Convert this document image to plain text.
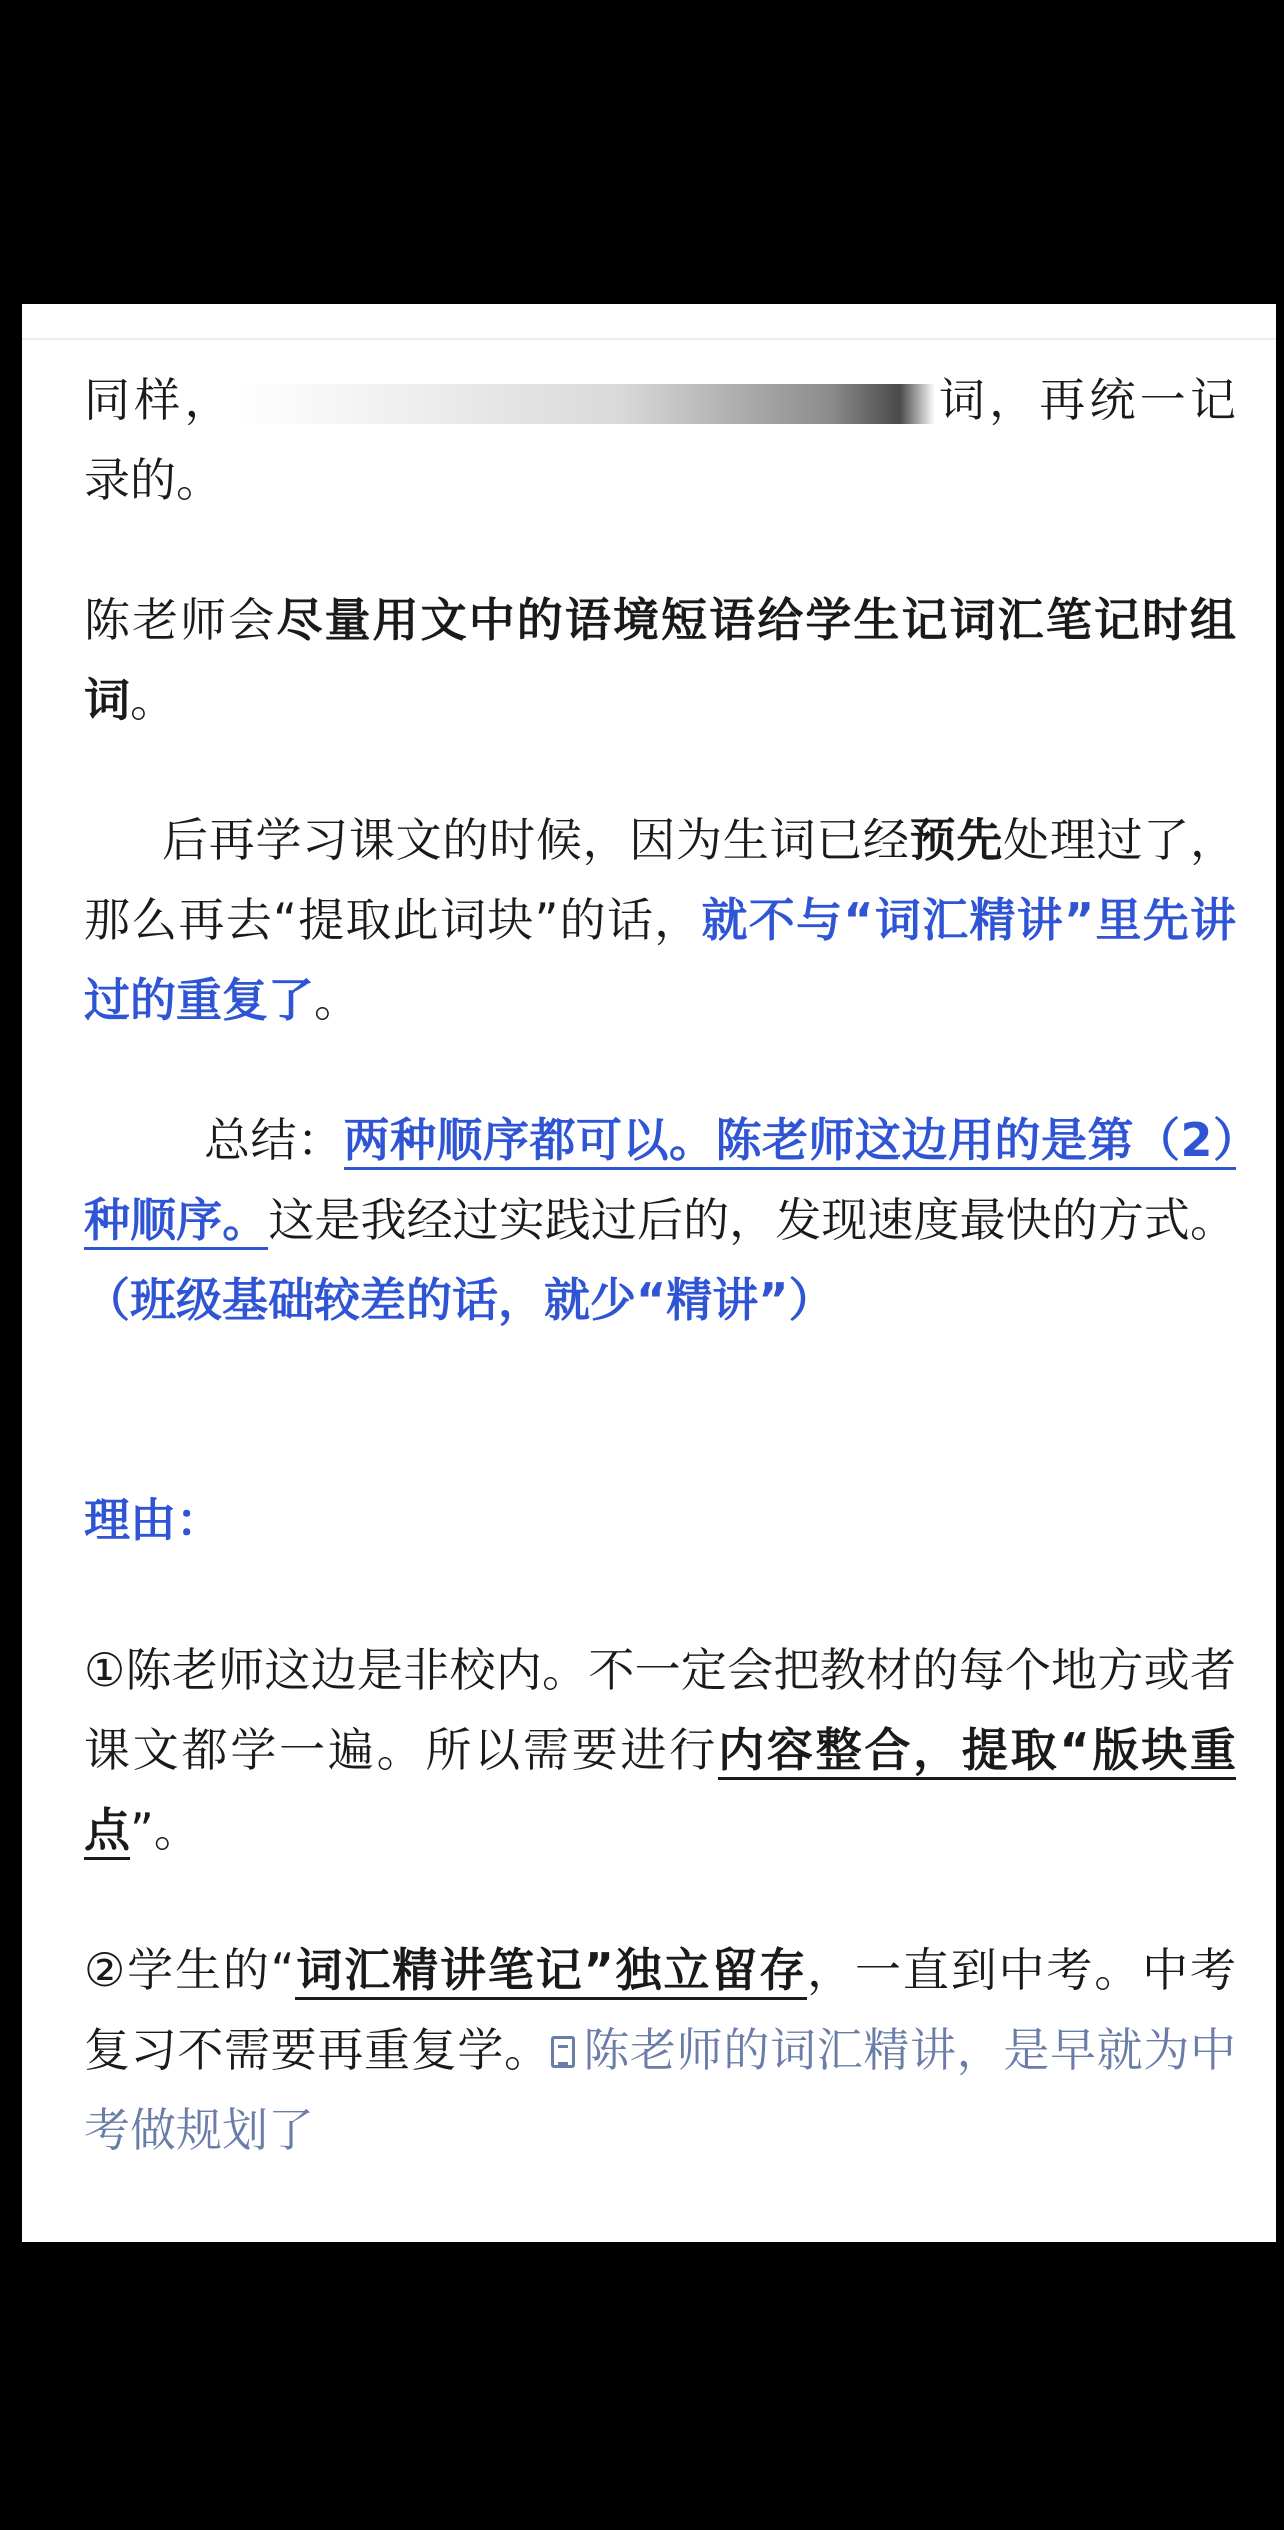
同样，	词，再统一记录的。

陈老师会尽量用文中的语境短语给学生记词汇笔记时组词。

后再学习课文的时候，因为生词已经预先处理过了，那么再去“提取此词块”的话，就不与“词汇精讲”里先讲过的重复了。

总结：两种顺序都可以。陈老师这边用的是第（2）种顺序。这是我经过实践过后的，发现速度最快的方式。（班级基础较差的话，就少“精讲”）

理由：

①陈老师这边是非校内。不一定会把教材的每个地方或者课文都学一遍。所以需要进行内容整合，提取“版块重点”。

②学生的“词汇精讲笔记”独立留存，一直到中考。中考复习不需要再重复学。 陈老师的词汇精讲，是早就为中考做规划了
